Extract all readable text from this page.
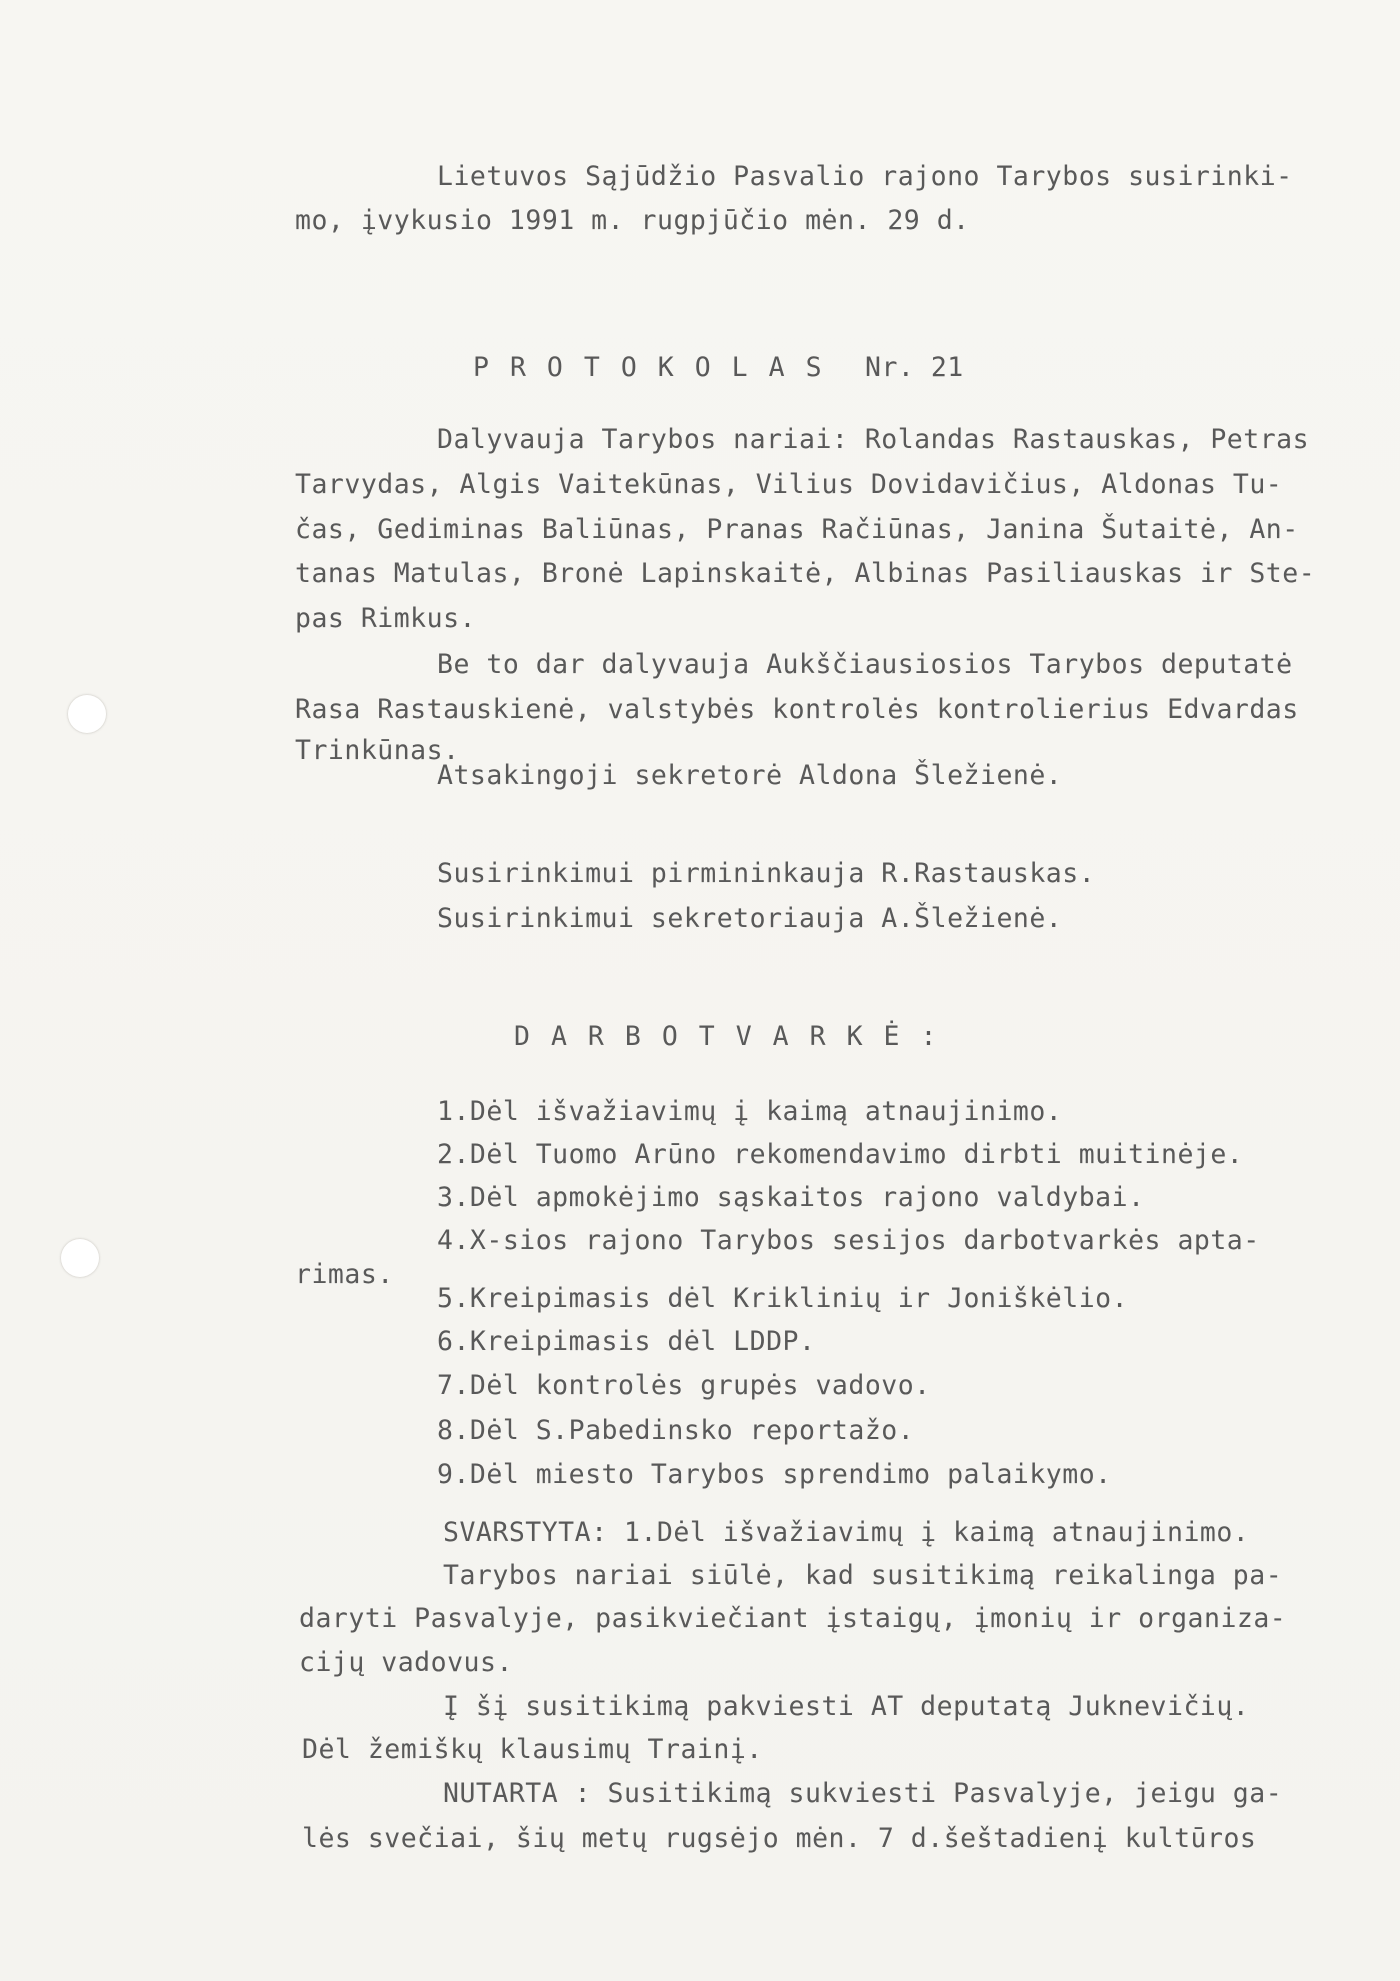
Lietuvos Sąjūdžio Pasvalio rajono Tarybos susirinki-
mo, įvykusio 1991 m. rugpjūčio mėn. 29 d.
PROTOKOLAS Nr. 21
Dalyvauja Tarybos nariai: Rolandas Rastauskas, Petras
Tarvydas, Algis Vaitekūnas, Vilius Dovidavičius, Aldonas Tu-
čas, Gediminas Baliūnas, Pranas Račiūnas, Janina Šutaitė, An-
tanas Matulas, Bronė Lapinskaitė, Albinas Pasiliauskas ir Ste-
pas Rimkus.
Be to dar dalyvauja Aukščiausiosios Tarybos deputatė
Rasa Rastauskienė, valstybės kontrolės kontrolierius Edvardas
Trinkūnas.
Atsakingoji sekretorė Aldona Šležienė.
Susirinkimui pirmininkauja R.Rastauskas.
Susirinkimui sekretoriauja A.Šležienė.
DARBOTVARKĖ:
1.Dėl išvažiavimų į kaimą atnaujinimo.
2.Dėl Tuomo Arūno rekomendavimo dirbti muitinėje.
3.Dėl apmokėjimo sąskaitos rajono valdybai.
4.X-sios rajono Tarybos sesijos darbotvarkės apta-
rimas.
5.Kreipimasis dėl Kriklinių ir Joniškėlio.
6.Kreipimasis dėl LDDP.
7.Dėl kontrolės grupės vadovo.
8.Dėl S.Pabedinsko reportažo.
9.Dėl miesto Tarybos sprendimo palaikymo.
SVARSTYTA: 1.Dėl išvažiavimų į kaimą atnaujinimo.
Tarybos nariai siūlė, kad susitikimą reikalinga pa-
daryti Pasvalyje, pasikviečiant įstaigų, įmonių ir organiza-
cijų vadovus.
Į šį susitikimą pakviesti AT deputatą Juknevičių.
Dėl žemiškų klausimų Trainį.
NUTARTA : Susitikimą sukviesti Pasvalyje, jeigu ga-
lės svečiai, šių metų rugsėjo mėn. 7 d.šeštadienį kultūros
